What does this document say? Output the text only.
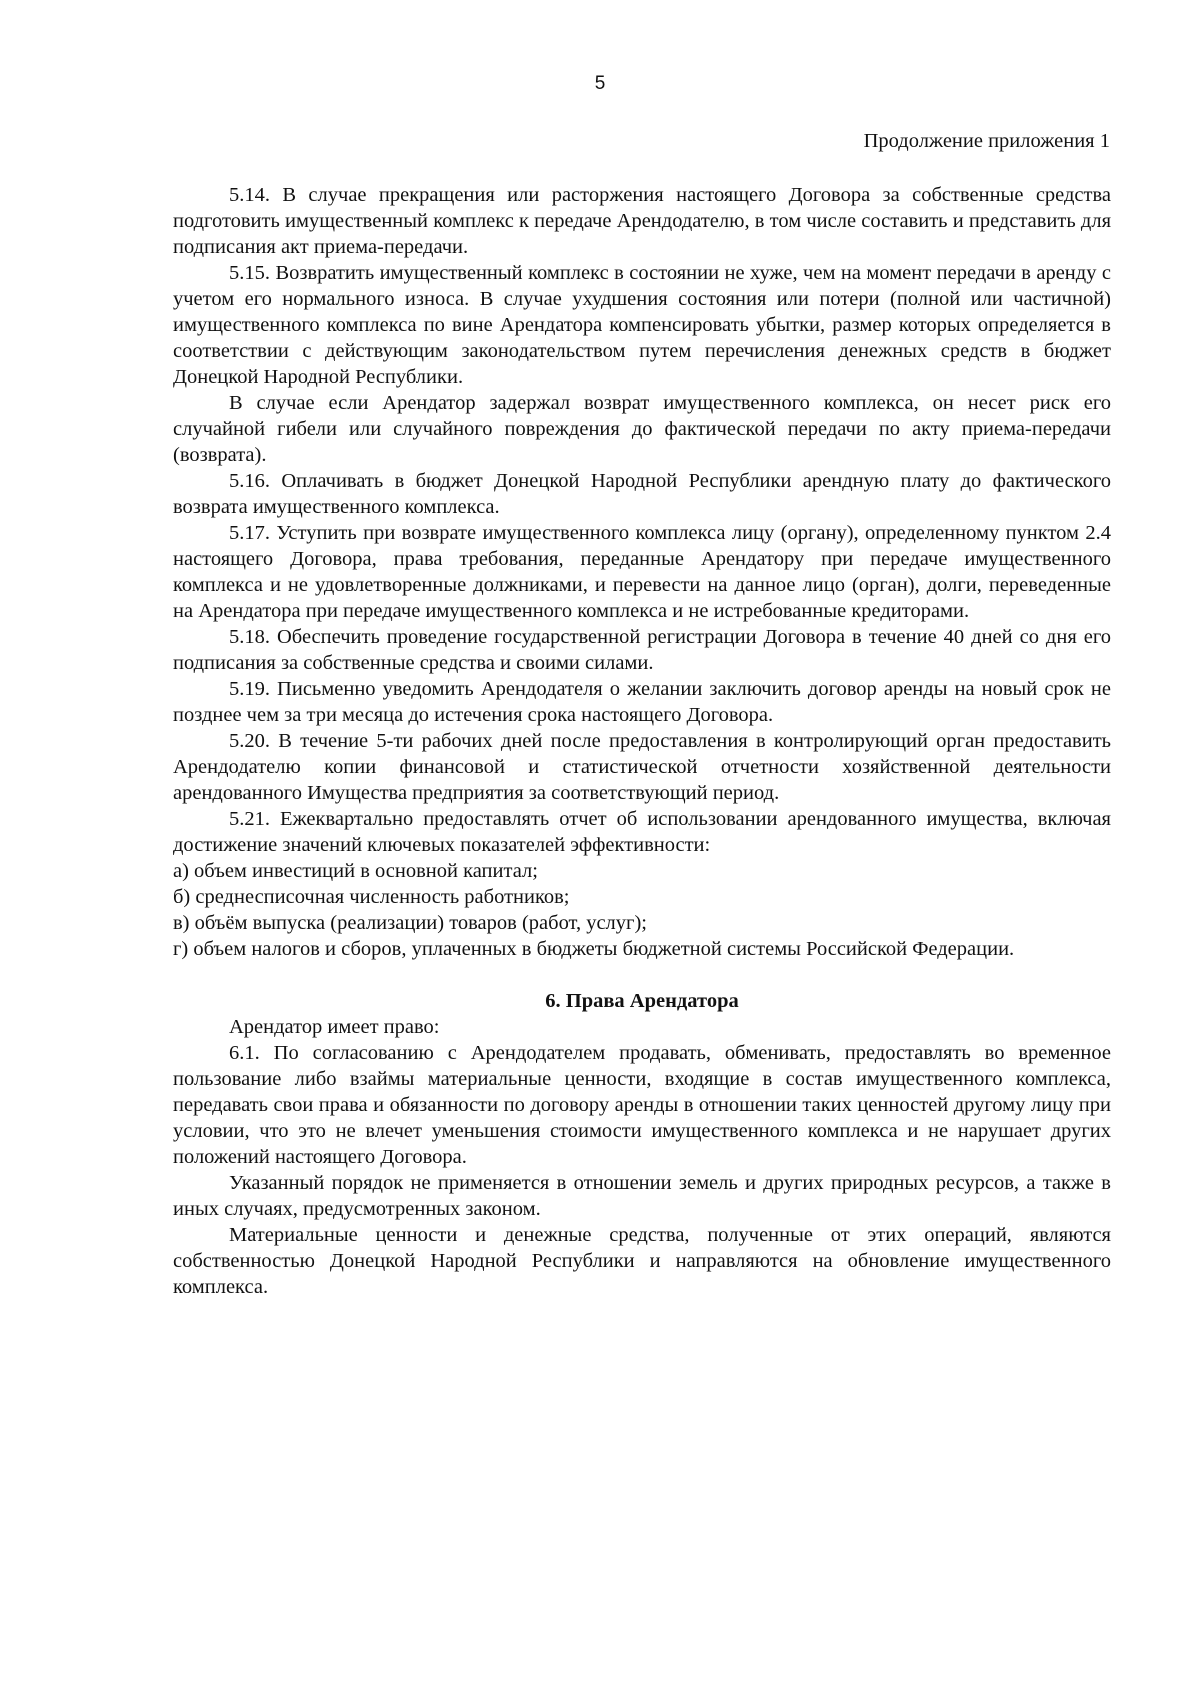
5
Продолжение приложения 1

5.14. В случае прекращения или расторжения настоящего Договора за собственные средства подготовить имущественный комплекс к передаче Арендодателю, в том числе составить и представить для подписания акт приема-передачи.

5.15. Возвратить имущественный комплекс в состоянии не хуже, чем на момент передачи в аренду с учетом его нормального износа. В случае ухудшения состояния или потери (полной или частичной) имущественного комплекса по вине Арендатора компенсировать убытки, размер которых определяется в соответствии с действующим законодательством путем перечисления денежных средств в бюджет Донецкой Народной Республики.

В случае если Арендатор задержал возврат имущественного комплекса, он несет риск его случайной гибели или случайного повреждения до фактической передачи по акту приема-передачи (возврата).

5.16. Оплачивать в бюджет Донецкой Народной Республики арендную плату до фактического возврата имущественного комплекса.

5.17. Уступить при возврате имущественного комплекса лицу (органу), определенному пунктом 2.4 настоящего Договора, права требования, переданные Арендатору при передаче имущественного комплекса и не удовлетворенные должниками, и перевести на данное лицо (орган), долги, переведенные на Арендатора при передаче имущественного комплекса и не истребованные кредиторами.

5.18. Обеспечить проведение государственной регистрации Договора в течение 40 дней со дня его подписания за собственные средства и своими силами.

5.19. Письменно уведомить Арендодателя о желании заключить договор аренды на новый срок не позднее чем за три месяца до истечения срока настоящего Договора.

5.20. В течение 5-ти рабочих дней после предоставления в контролирующий орган предоставить Арендодателю копии финансовой и статистической отчетности хозяйственной деятельности арендованного Имущества предприятия за соответствующий период.

5.21. Ежеквартально предоставлять отчет об использовании арендованного имущества, включая достижение значений ключевых показателей эффективности:

а) объем инвестиций в основной капитал;

б) среднесписочная численность работников;

в) объём выпуска (реализации) товаров (работ, услуг);

г) объем налогов и сборов, уплаченных в бюджеты бюджетной системы Российской Федерации.

6. Права Арендатора

Арендатор имеет право:

6.1. По согласованию с Арендодателем продавать, обменивать, предоставлять во временное пользование либо взаймы материальные ценности, входящие в состав имущественного комплекса, передавать свои права и обязанности по договору аренды в отношении таких ценностей другому лицу при условии, что это не влечет уменьшения стоимости имущественного комплекса и не нарушает других положений настоящего Договора.

Указанный порядок не применяется в отношении земель и других природных ресурсов, а также в иных случаях, предусмотренных законом.

Материальные ценности и денежные средства, полученные от этих операций, являются собственностью Донецкой Народной Республики и направляются на обновление имущественного комплекса.
